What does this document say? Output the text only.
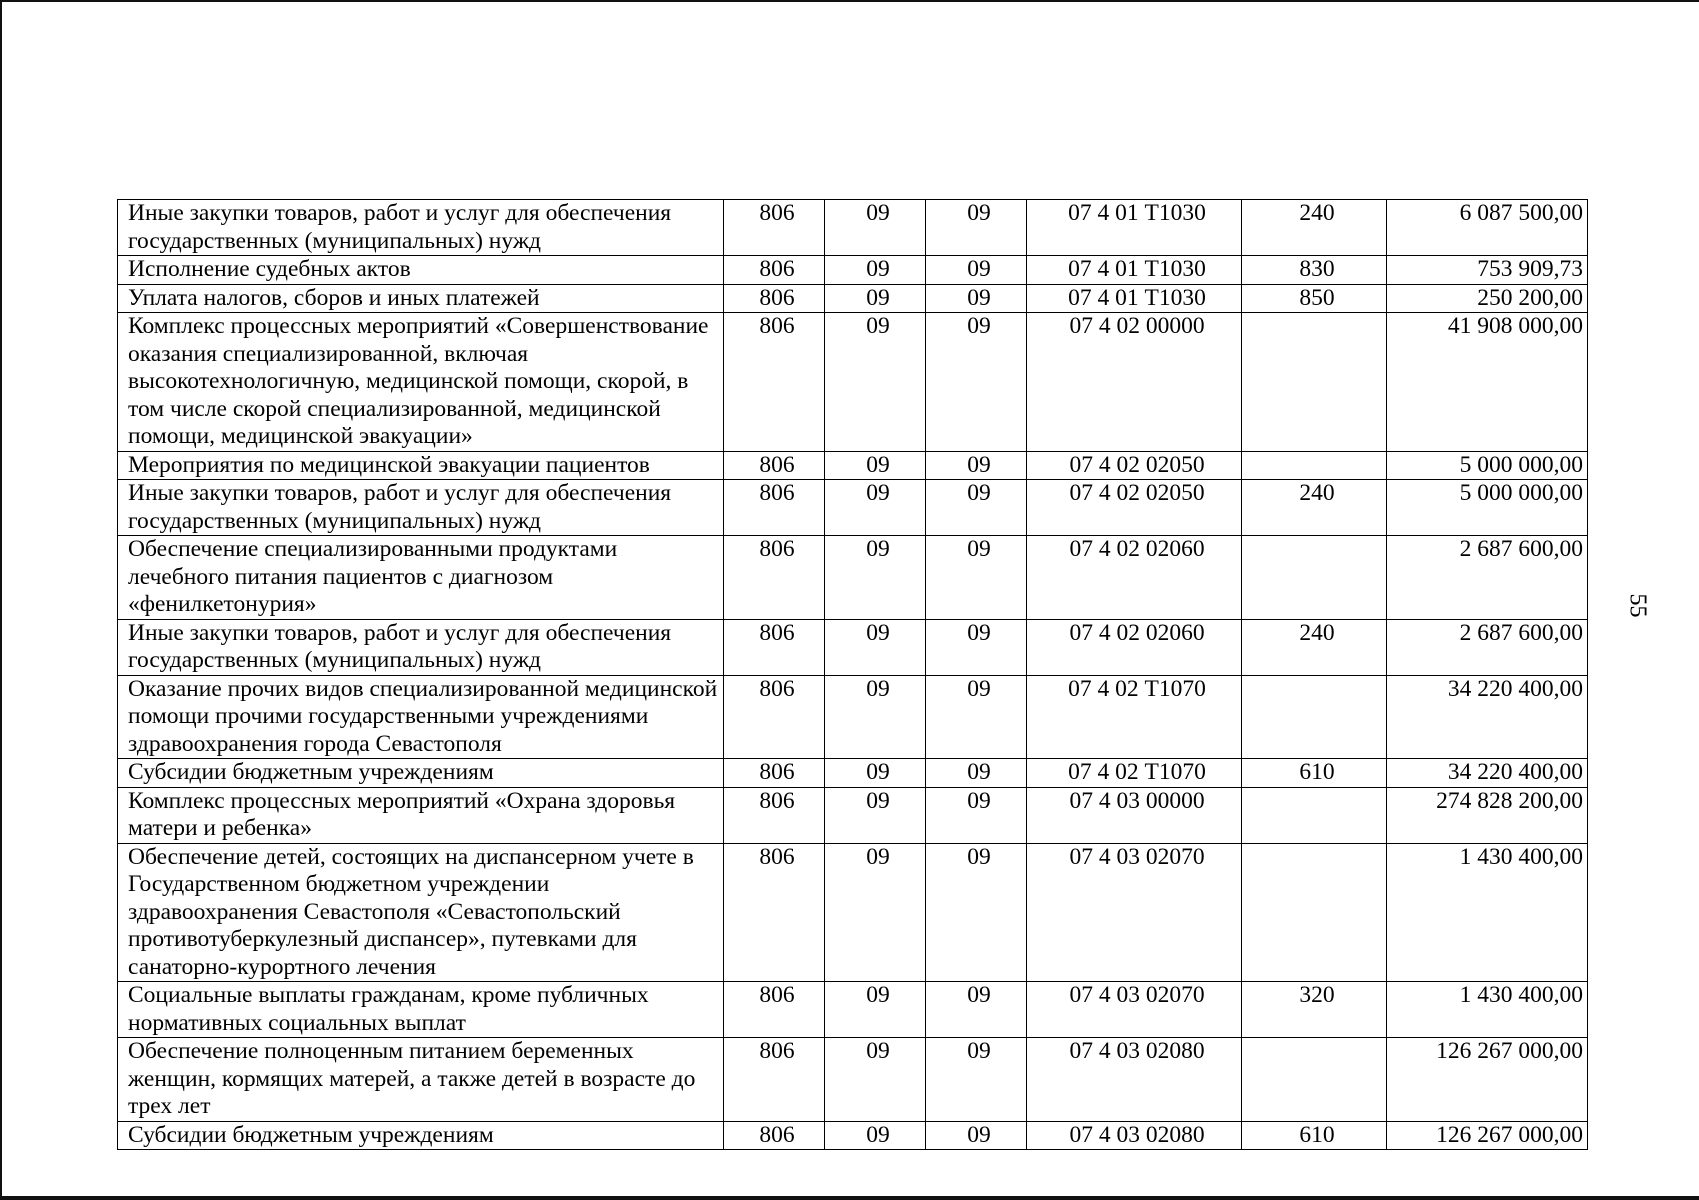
Иные закупки товаров, работ и услуг для обеспечения государственных (муниципальных) нужд	806	09	09	07 4 01 Т1030	240	6 087 500,00
Исполнение судебных актов	806	09	09	07 4 01 Т1030	830	753 909,73
Уплата налогов, сборов и иных платежей	806	09	09	07 4 01 Т1030	850	250 200,00
Комплекс процессных мероприятий «Совершенствование оказания специализированной, включая высокотехнологичную, медицинской помощи, скорой, в том числе скорой специализированной, медицинской помощи, медицинской эвакуации»	806	09	09	07 4 02 00000		41 908 000,00
Мероприятия по медицинской эвакуации пациентов	806	09	09	07 4 02 02050		5 000 000,00
Иные закупки товаров, работ и услуг для обеспечения государственных (муниципальных) нужд	806	09	09	07 4 02 02050	240	5 000 000,00
Обеспечение специализированными продуктами лечебного питания пациентов с диагнозом «фенилкетонурия»	806	09	09	07 4 02 02060		2 687 600,00
Иные закупки товаров, работ и услуг для обеспечения государственных (муниципальных) нужд	806	09	09	07 4 02 02060	240	2 687 600,00
Оказание прочих видов специализированной медицинской помощи прочими государственными учреждениями здравоохранения города Севастополя	806	09	09	07 4 02 Т1070		34 220 400,00
Субсидии бюджетным учреждениям	806	09	09	07 4 02 Т1070	610	34 220 400,00
Комплекс процессных мероприятий «Охрана здоровья матери и ребенка»	806	09	09	07 4 03 00000		274 828 200,00
Обеспечение детей, состоящих на диспансерном учете в Государственном бюджетном учреждении здравоохранения Севастополя «Севастопольский противотуберкулезный диспансер», путевками для санаторно-курортного лечения	806	09	09	07 4 03 02070		1 430 400,00
Социальные выплаты гражданам, кроме публичных нормативных социальных выплат	806	09	09	07 4 03 02070	320	1 430 400,00
Обеспечение полноценным питанием беременных женщин, кормящих матерей, а также детей в возрасте до трех лет	806	09	09	07 4 03 02080		126 267 000,00
Субсидии бюджетным учреждениям	806	09	09	07 4 03 02080	610	126 267 000,00
55
